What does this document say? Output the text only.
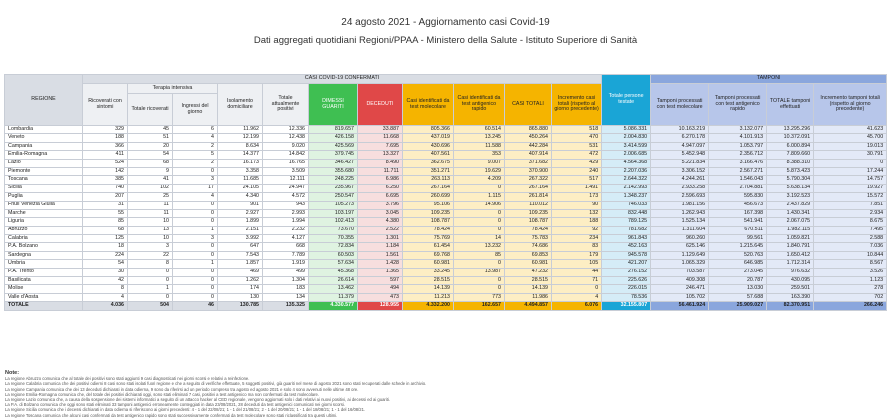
24 agosto 2021 - Aggiornamento casi Covid-19
Dati aggregati quotidiani Regioni/PPAA - Ministero della Salute - Istituto Superiore di Sanità
REGIONE	CASI COVID-19 CONFERMATI											Totale persone testate	TAMPONI			
	Ricoverati con sintomi	Terapia intensiva		Isolamento domiciliare	Totale attualmente positivi	DIMESSI GUARITI	DECEDUTI	Casi identificati da test molecolare	Casi identificati da test antigenico rapido	CASI TOTALI	Incremento casi totali (rispetto al giorno precedente)		Tamponi processati con test molecolare	Tamponi processati con test antigenico rapido	TOTALE tamponi effettuati	Incremento tamponi totali (rispetto al giorno precedente)
		Totale ricoverati	Ingressi del giorno													
Lombardia	329	45	6	11.962	12.336	819.657	33.887	805.366	60.514	865.880	518	5.086.331	10.163.219	3.132.077	13.295.296	41.623
Veneto	188	51	4	12.199	12.438	426.158	11.668	437.019	13.245	450.264	470	2.004.830	6.270.178	4.101.913	10.372.091	45.700
Campania	366	20	2	8.634	9.020	425.569	7.695	430.696	11.588	442.284	531	3.414.599	4.947.097	1.053.797	6.000.894	19.013
Emilia-Romagna	411	54	5	14.377	14.842	379.745	13.327	407.561	353	407.914	472	2.006.685	5.452.948	2.356.712	7.809.660	30.791
Lazio	524	68	2	16.173	16.765	346.427	8.490	362.675	9.007	371.682	429	4.564.368	5.221.834	3.166.476	8.388.310	0
Piemonte	142	9	0	3.358	3.509	355.680	11.711	351.271	19.629	370.900	240	2.207.036	3.306.152	2.567.271	5.873.423	17.244
Toscana	385	41	3	11.685	12.111	248.225	6.986	263.113	4.209	267.322	517	2.644.322	4.244.261	1.546.043	5.790.304	14.757
Sicilia	740	102	17	24.105	24.947	235.967	6.250	267.164	0	267.164	1.491	2.142.993	2.933.258	2.704.881	5.638.134	19.927
Puglia	207	25	4	4.340	4.572	250.547	6.695	260.699	1.115	261.814	173	1.348.237	2.596.693	595.830	3.192.523	15.572
Friuli Venezia Giulia	31	11	0	901	943	105.273	3.796	95.106	14.906	110.012	90	746.033	1.981.156	456.673	2.437.829	7.851
Marche	55	11	0	2.927	2.993	103.197	3.045	109.235	0	109.235	132	832.448	1.262.943	167.398	1.430.341	2.934
Liguria	85	10	0	1.899	1.994	102.413	4.380	108.787	0	108.787	188	789.125	1.525.134	541.941	2.067.075	8.675
Abruzzo	68	13	1	2.151	2.232	73.670	2.522	78.424	0	78.424	92	781.682	1.311.604	670.511	1.982.115	7.495
Calabria	125	10	3	3.992	4.127	70.355	1.301	75.769	14	75.783	234	961.843	960.260	99.561	1.059.821	2.588
P.A. Bolzano	18	3	0	647	668	72.834	1.184	61.454	13.232	74.686	83	452.163	625.146	1.215.645	1.840.791	7.036
Sardegna	224	22	0	7.543	7.789	60.503	1.561	69.768	85	69.853	179	945.578	1.129.649	520.763	1.650.412	10.844
Umbria	54	8	1	1.857	1.919	57.634	1.428	60.981	0	60.981	105	421.207	1.065.329	646.985	1.712.314	8.567
P.A. Trento	30	0	0	469	499	45.368	1.365	33.245	13.987	47.232	44	276.152	703.587	273.045	976.632	3.526
Basilicata	42	0	0	1.262	1.304	26.614	597	28.515	0	28.515	71	225.626	409.308	20.787	430.095	1.123
Molise	8	1	0	174	183	13.462	494	14.139	0	14.139	0	226.015	246.471	13.030	259.501	278
Valle d'Aosta	4	0	0	130	134	11.379	473	11.213	773	11.986	4	78.536	105.702	57.688	163.390	702
TOTALE	4.036	504	46	130.785	135.325	4.330.577	128.955	4.332.200	162.657	4.494.857	6.076	32.155.807	56.461.924	25.909.027	82.370.951	266.246
Note:
La regione Abruzzo comunica che al totale dei positivi sono stati aggiunti 9 casi diagnosticati nei giorni scorsi e relativi a reinfezione.
La regione Calabria comunica che dei positivi odierni 8 casi sono stati isolati fuori regione e che a seguito di verifiche effettuate, 5 soggetti positivi, già guariti nel mese di agosto 2021 sono stati recuperati dalle schede in archivio.
La regione Campania comunica che dei 13 deceduti dichiarati in data odierna, 9 sono da riferirsi ad un periodo compreso tra agosto ed agosto 2021 e solo 4 sono avvenuti nelle ultime 48 ore.
La regione Emilia-Romagna comunica che, del totale dei positivi dichiarati oggi, sono stati eliminati 7 casi, positivi a test antigenico ma non confermati da test molecolare.
La regione Lazio comunica che, a causa della sospensione dei sistemi informatici a seguito di un attacco hacker al CED regionale, vengono aggiornati solo i dati relativi ai nuovi positivi, ai decessi ed ai guariti.
La P.A. di Bolzano comunica che oggi sono stati eliminati 33 tamponi antigenici erroneamente conteggiati in data 23/08/2021, 28 deceduti da test antigenici comunicati nei giorni scorsi.
La regione Sicilia comunica che i decessi dichiarati in data odierna si riferiscono ai giorni precedenti: 4 - 1 del 22/08/21; 1 - 1 del 21/08/21; 2 - 1 del 20/08/21; 1 - 1 del 18/08/21; 1 - 1 del 16/08/21.
La regione Toscana comunica che alcuni casi confermati da test antigenico rapido sono stati successivamente confermati da test molecolare sono stati riclassificati tra questi ultimi.
